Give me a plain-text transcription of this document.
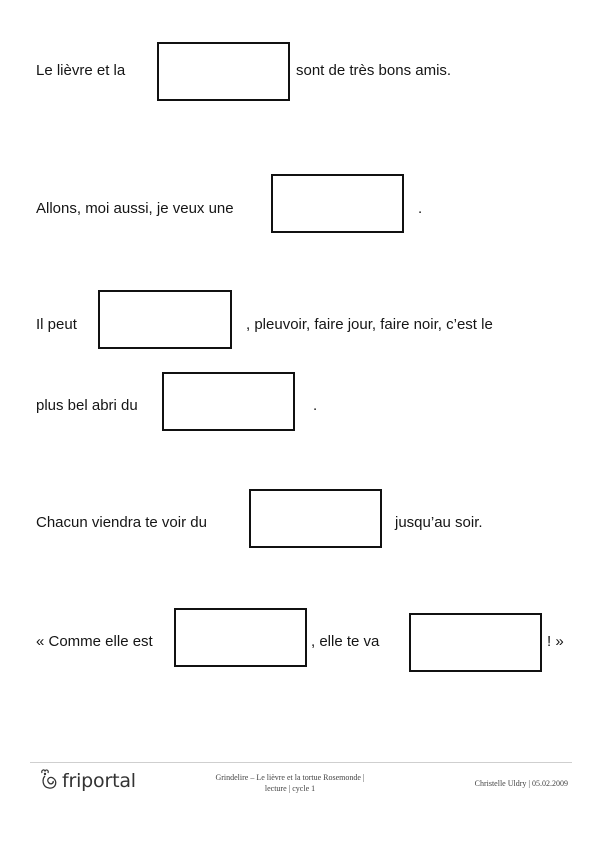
Le lièvre et la	sont de très bons amis.
Allons, moi aussi, je veux une	.
Il peut	, pleuvoir, faire jour, faire noir, c’est le
plus bel abri du	.
Chacun viendra te voir du	jusqu’au soir.
« Comme elle est	, elle te va	! »
friportal	Grindelire – Le lièvre et la tortue Rosemonde |
lecture | cycle 1
Christelle Uldry | 05.02.2009
